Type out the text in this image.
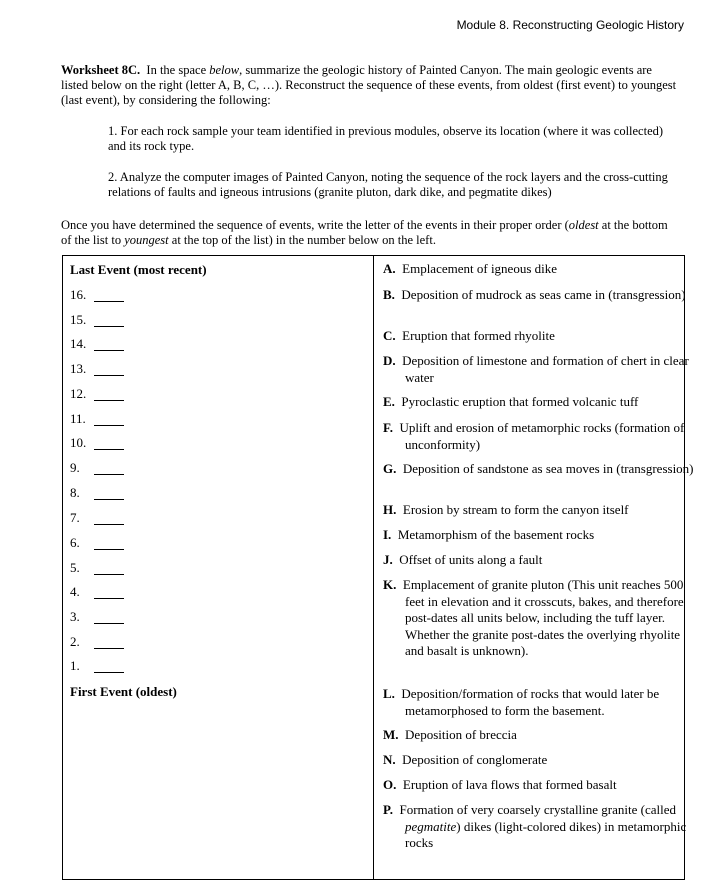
Module 8. Reconstructing Geologic History
Worksheet 8C. In the space below, summarize the geologic history of Painted Canyon. The main geologic events are listed below on the right (letter A, B, C, …). Reconstruct the sequence of these events, from oldest (first event) to youngest (last event), by considering the following:
1. For each rock sample your team identified in previous modules, observe its location (where it was collected) and its rock type.
2. Analyze the computer images of Painted Canyon, noting the sequence of the rock layers and the cross-cutting relations of faults and igneous intrusions (granite pluton, dark dike, and pegmatite dikes)
Once you have determined the sequence of events, write the letter of the events in their proper order (oldest at the bottom of the list to youngest at the top of the list) in the number below on the left.
Last Event (most recent)
16.
15.
14.
13.
12.
11.
10.
9.
8.
7.
6.
5.
4.
3.
2.
1.
First Event (oldest)
A. Emplacement of igneous dike
B. Deposition of mudrock as seas came in (transgression)
C. Eruption that formed rhyolite
D. Deposition of limestone and formation of chert in clear water
E. Pyroclastic eruption that formed volcanic tuff
F. Uplift and erosion of metamorphic rocks (formation of unconformity)
G. Deposition of sandstone as sea moves in (transgression)
H. Erosion by stream to form the canyon itself
I. Metamorphism of the basement rocks
J. Offset of units along a fault
K. Emplacement of granite pluton (This unit reaches 500 feet in elevation and it crosscuts, bakes, and therefore post-dates all units below, including the tuff layer. Whether the granite post-dates the overlying rhyolite and basalt is unknown).
L. Deposition/formation of rocks that would later be metamorphosed to form the basement.
M. Deposition of breccia
N. Deposition of conglomerate
O. Eruption of lava flows that formed basalt
P. Formation of very coarsely crystalline granite (called pegmatite) dikes (light-colored dikes) in metamorphic rocks
